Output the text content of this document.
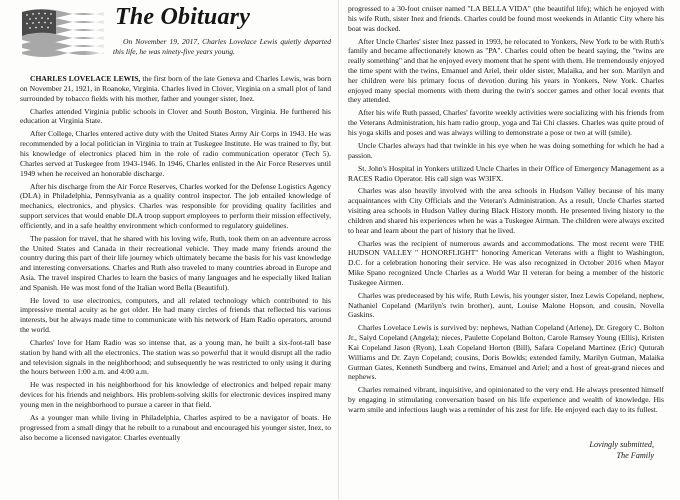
The Obituary

On November 19, 2017, Charles Lovelace Lewis quietly departed this life, he was ninety-five years young.

CHARLES LOVELACE LEWIS, the first born of the late Geneva and Charles Lewis, was born on November 21, 1921, in Roanoke, Virginia. Charles lived in Clover, Virginia on a small plot of land surrounded by tobacco fields with his mother, father and younger sister, Inez.

Charles attended Virginia public schools in Clover and South Boston, Virginia. He furthered his education at Virginia State.

After College, Charles entered active duty with the United States Army Air Corps in 1943. He was recommended by a local politician in Virginia to train at Tuskegee Institute. He was trained to fly, but his knowledge of electronics placed him in the role of radio communication operator (Tech 5). Charles served at Tuskegee from 1943-1946. In 1946, Charles enlisted in the Air Force Reserves until 1949 when he received an honorable discharge.

After his discharge from the Air Force Reserves, Charles worked for the Defense Logistics Agency (DLA) in Philadelphia, Pennsylvania as a quality control inspector. The job entailed knowledge of mechanics, electronics, and physics. Charles was responsible for providing quality facilities and support services that would enable DLA troop support employees to perform their mission effectively, efficiently, and in a safe healthy environment which conformed to regulatory guidelines.

The passion for travel, that he shared with his loving wife, Ruth, took them on an adventure across the United States and Canada in their recreational vehicle. They made many friends around the country during this part of their life journey which ultimately became the basis for his vast knowledge and interesting conversations. Charles and Ruth also traveled to many countries abroad in Europe and Asia. The travel inspired Charles to learn the basics of many languages and he especially liked Italian and Spanish. He was most fond of the Italian word Bella (Beautiful).

He loved to use electronics, computers, and all related technology which contributed to his impressive mental acuity as he got older. He had many circles of friends that reflected his various interests, but he always made time to communicate with his network of Ham Radio operators, around the world.

Charles' love for Ham Radio was so intense that, as a young man, he built a six-foot-tall base station by hand with all the electronics. The station was so powerful that it would disrupt all the radio and television signals in the neighborhood; and subsequently he was restricted to only using it during the hours between 1:00 a.m. and 4:00 a.m.

He was respected in his neighborhood for his knowledge of electronics and helped repair many devices for his friends and neighbors. His problem-solving skills for electronic devices inspired many young men in the neighborhood to pursue a career in that field.

As a younger man while living in Philadelphia, Charles aspired to be a navigator of boats. He progressed from a small dingy that he rebuilt to a runabout and encouraged his younger sister, Inez, to also become a licensed navigator. Charles eventually

progressed to a 30-foot cruiser named "LA BELLA VIDA" (the beautiful life); which he enjoyed with his wife Ruth, sister Inez and friends. Charles could be found most weekends in Atlantic City where his boat was docked.

After Uncle Charles' sister Inez passed in 1993, he relocated to Yonkers, New York to be with Ruth's family and became affectionately known as "PA". Charles could often be heard saying, the "twins are really something" and that he enjoyed every moment that he spent with them. He tremendously enjoyed the time spent with the twins, Emanuel and Ariel, their older sister, Malaika, and her son. Marilyn and her children were his primary focus of devotion during his years in Yonkers, New York. Charles enjoyed many special moments with them during the twin's soccer games and other local events that they attended.

After his wife Ruth passed, Charles' favorite weekly activities were socializing with his friends from the Veterans Administration, his ham radio group, yoga and Tai Chi classes. Charles was quite proud of his yoga skills and poses and was always willing to demonstrate a pose or two at will (smile).

Uncle Charles always had that twinkle in his eye when he was doing something for which he had a passion.

St. John's Hospital in Yonkers utilized Uncle Charles in their Office of Emergency Management as a RACES Radio Operator. His call sign was W3IFX.

Charles was also heavily involved with the area schools in Hudson Valley because of his many acquaintances with City Officials and the Veteran's Administration. As a result, Uncle Charles started visiting area schools in Hudson Valley during Black History month. He presented living history to the children and shared his experiences when he was a Tuskegee Airman. The children were always excited to hear and learn about the part of history that he lived.

Charles was the recipient of numerous awards and accommodations. The most recent were THE HUDSON VALLEY " HONORFLIGHT" honoring American Veterans with a flight to Washington, D.C. for a celebration honoring their service. He was also recognized in October 2016 when Mayor Mike Spano recognized Uncle Charles as a World War II veteran for being a member of the historic Tuskegee Airmen.

Charles was predeceased by his wife, Ruth Lewis, his younger sister, Inez Lewis Copeland, nephew, Nathaniel Copeland (Marilyn's twin brother), aunt, Louise Malone Hopson, and cousin, Novella Gaskins.

Charles Lovelace Lewis is survived by: nephews, Nathan Copeland (Arlene), Dr. Gregory C. Bolton Jr., Saiyd Copeland (Angela); nieces, Paulette Copeland Bolton, Carole Ramsey Young (Ellis), Kristen Kai Copeland Jason (Ryon), Leah Copeland Horton (Bill), Safara Copeland Martinez (Eric) Quturah Williams and Dr. Zayn Copeland; cousins, Doris Bowlds; extended family, Marilyn Gutman, Malaika Gutman Gates, Kenneth Sundberg and twins, Emanuel and Ariel; and a host of great-grand nieces and nephews.

Charles remained vibrant, inquisitive, and opinionated to the very end. He always presented himself by engaging in stimulating conversation based on his life experience and wealth of knowledge. His warm smile and infectious laugh was a reminder of his zest for life. He enjoyed each day to its fullest.

Lovingly submitted,
The Family
